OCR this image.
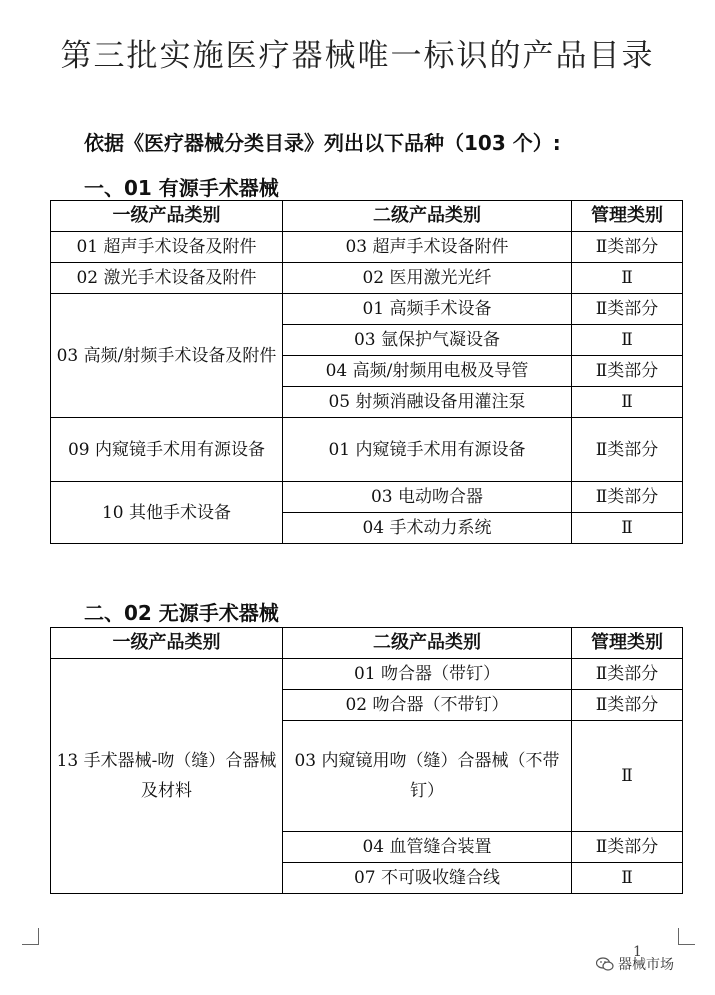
第三批实施医疗器械唯一标识的产品目录
依据《医疗器械分类目录》列出以下品种（103 个）:
一、01 有源手术器械
一级产品类别	二级产品类别	管理类别
01 超声手术设备及附件	03 超声手术设备附件	Ⅱ类部分
02 激光手术设备及附件	02 医用激光光纤	Ⅱ
03 高频/射频手术设备及附件	01 高频手术设备	Ⅱ类部分
	03 氩保护气凝设备	Ⅱ
	04 高频/射频用电极及导管	Ⅱ类部分
	05 射频消融设备用灌注泵	Ⅱ
09 内窥镜手术用有源设备	01 内窥镜手术用有源设备	Ⅱ类部分
10 其他手术设备	03 电动吻合器	Ⅱ类部分
	04 手术动力系统	Ⅱ
二、02 无源手术器械
一级产品类别	二级产品类别	管理类别
13 手术器械-吻（缝）合器械及材料	01 吻合器（带钉）	Ⅱ类部分
	02 吻合器（不带钉）	Ⅱ类部分
	03 内窥镜用吻（缝）合器械（不带钉）	Ⅱ
	04 血管缝合装置	Ⅱ类部分
	07 不可吸收缝合线	Ⅱ
1
器械市场
